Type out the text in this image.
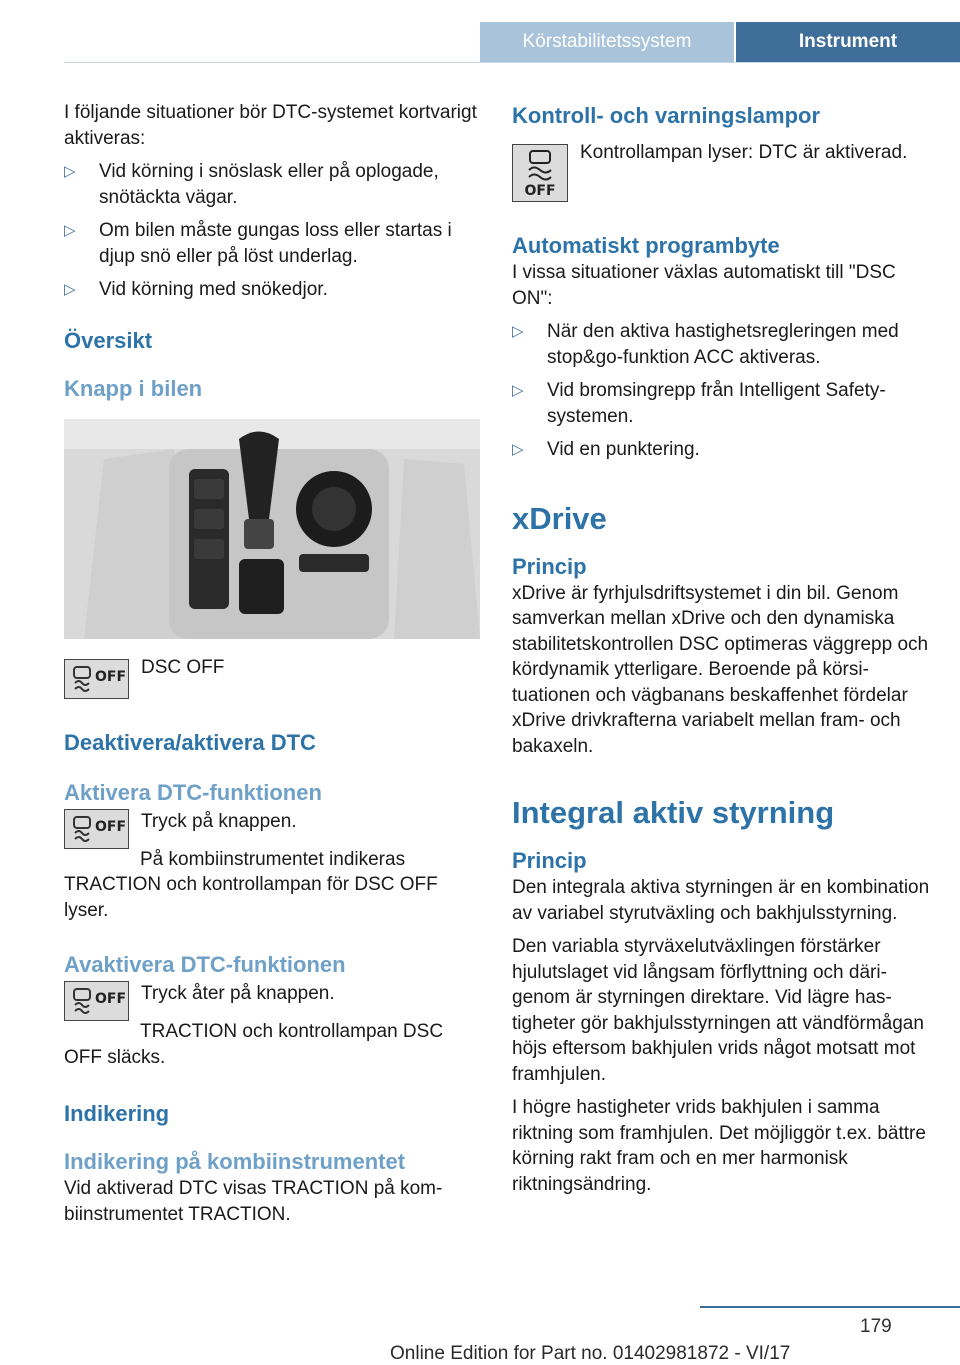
Körstabilitetssystem	Instrument

I följande situationer bör DTC-systemet kortvarigt aktiveras:

▷ Vid körning i snöslask eller på oplogade, snötäckta vägar.
▷ Om bilen måste gungas loss eller startas i djup snö eller på löst underlag.
▷ Vid körning med snökedjor.
Översikt
Knapp i bilen
OFF DSC OFF

Deaktivera/aktivera DTC
Aktivera DTC-funktionen
OFF Tryck på knappen.

På kombiinstrumentet indikeras TRACTION och kontrollampan för DSC OFF lyser.

Avaktivera DTC-funktionen
OFF Tryck åter på knappen.

TRACTION och kontrollampan DSC OFF släcks.

Indikering
Indikering på kombiinstrumentet

Vid aktiverad DTC visas TRACTION på kombiinstrumentet TRACTION.

Kontroll- och varningslampor
OFF

Kontrollampan lyser: DTC är aktiverad.

Automatiskt programbyte

I vissa situationer växlas automatiskt till "DSC ON":

▷ När den aktiva hastighetsregleringen med stop&go-funktion ACC aktiveras.
▷ Vid bromsingrepp från Intelligent Safety-systemen.
▷ Vid en punktering.
xDrive
Princip

xDrive är fyrhjulsdriftsystemet i din bil. Genom samverkan mellan xDrive och den dynamiska stabilitetskontrollen DSC optimeras väggrepp och kördynamik ytterligare. Beroende på körsituationen och vägbanans beskaffenhet fördelar xDrive drivkrafterna variabelt mellan fram- och bakaxeln.

Integral aktiv styrning
Princip

Den integrala aktiva styrningen är en kombination av variabel styrutväxling och bakhjulsstyrning.

Den variabla styrväxelutväxlingen förstärker hjulutslaget vid långsam förflyttning och därigenom är styrningen direktare. Vid lägre hastigheter gör bakhjulsstyrningen att vändförmågan höjs eftersom bakhjulen vrids något motsatt mot framhjulen.

I högre hastigheter vrids bakhjulen i samma riktning som framhjulen. Det möjliggör t.ex. bättre körning rakt fram och en mer harmonisk riktningsändring.

179
Online Edition for Part no. 01402981872 - VI/17
